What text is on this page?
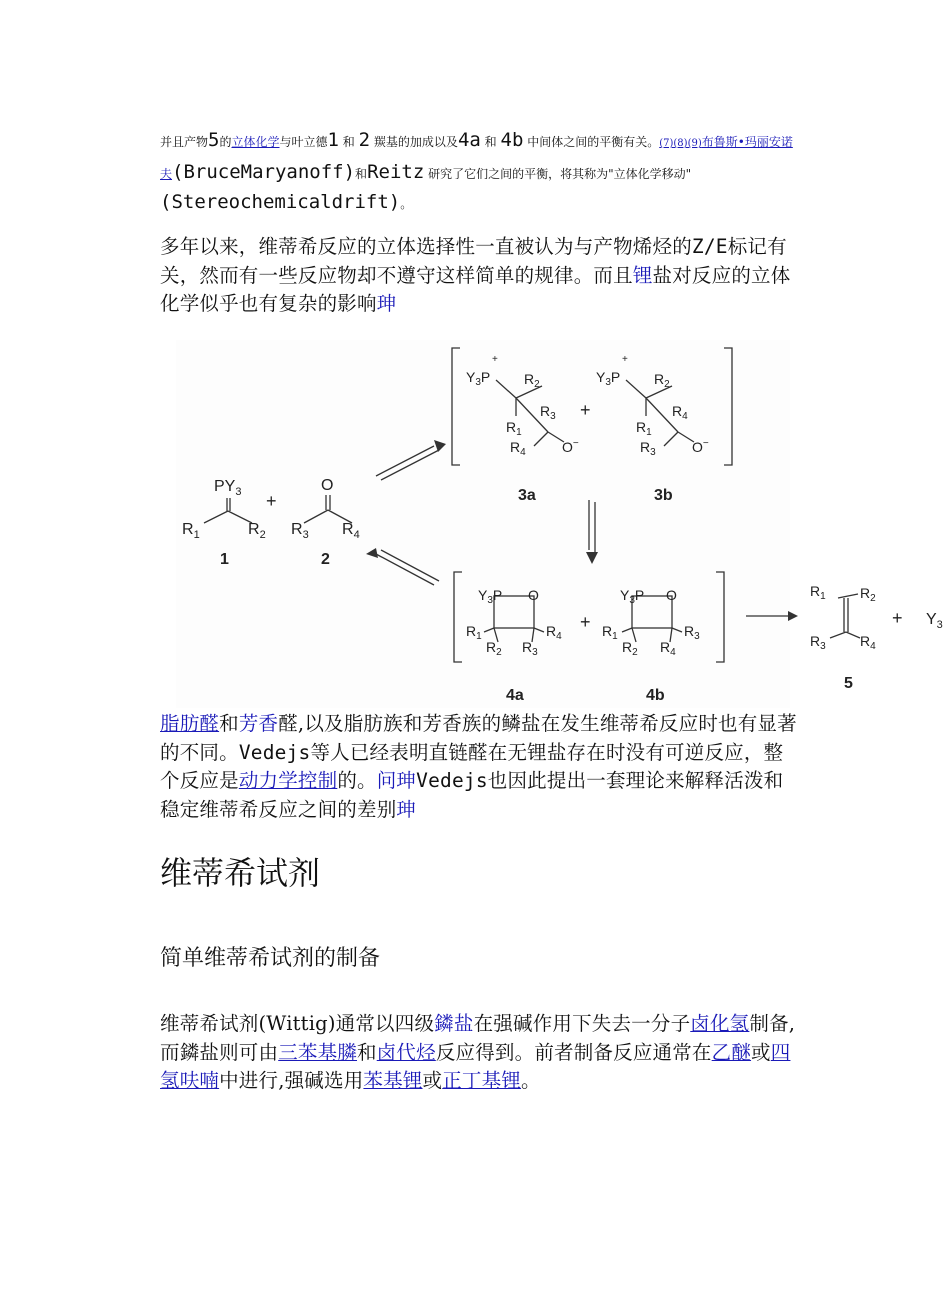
并且产物5的立体化学与叶立德1 和 2 羰基的加成以及4a 和 4b 中间体之间的平衡有关。(7)(8)(9)布鲁斯•玛丽安诺夫(BruceMaryanoff)和Reitz 研究了它们之间的平衡，将其称为"立体化学移动"(Stereochemicaldrift)。
多年以来，维蒂希反应的立体选择性一直被认为与产物烯烃的Z/E标记有关，然而有一些反应物却不遵守这样简单的规律。而且锂盐对反应的立体化学似乎也有复杂的影响珅
$PY_3$
$R_1$	$R_2$
1
+
O
$R_3$ $R_4$
2
$Y_3P$
+
$R_2$
$R_1$
$R_3$
$R_4$	O−
+
3a
$Y_3P$
+
$R_2$
$R_1$
$R_4$
$R_3$	O−
3b
$Y_3P$ O
$R_1$
$R_2$
$R_4$
$R_3$
+
4a
$Y_3P$ O
$R_1$
$R_2$
$R_3$
$R_4$
4b
$R_1$ $R_2$
$R_3$ $R_4$
+ $Y_3$
5
脂肪醛和芳香醛,以及脂肪族和芳香族的鳞盐在发生维蒂希反应时也有显著的不同。Vedejs等人已经表明直链醛在无锂盐存在时没有可逆反应，整个反应是动力学控制的。问珅Vedejs也因此提出一套理论来解释活泼和稳定维蒂希反应之间的差别珅
维蒂希试剂
简单维蒂希试剂的制备
维蒂希试剂(Wittig)通常以四级鏻盐在强碱作用下失去一分子卤化氢制备,而鏻盐则可由三苯基膦和卤代烃反应得到。前者制备反应通常在乙醚或四氢呋喃中进行,强碱选用苯基锂或正丁基锂。
